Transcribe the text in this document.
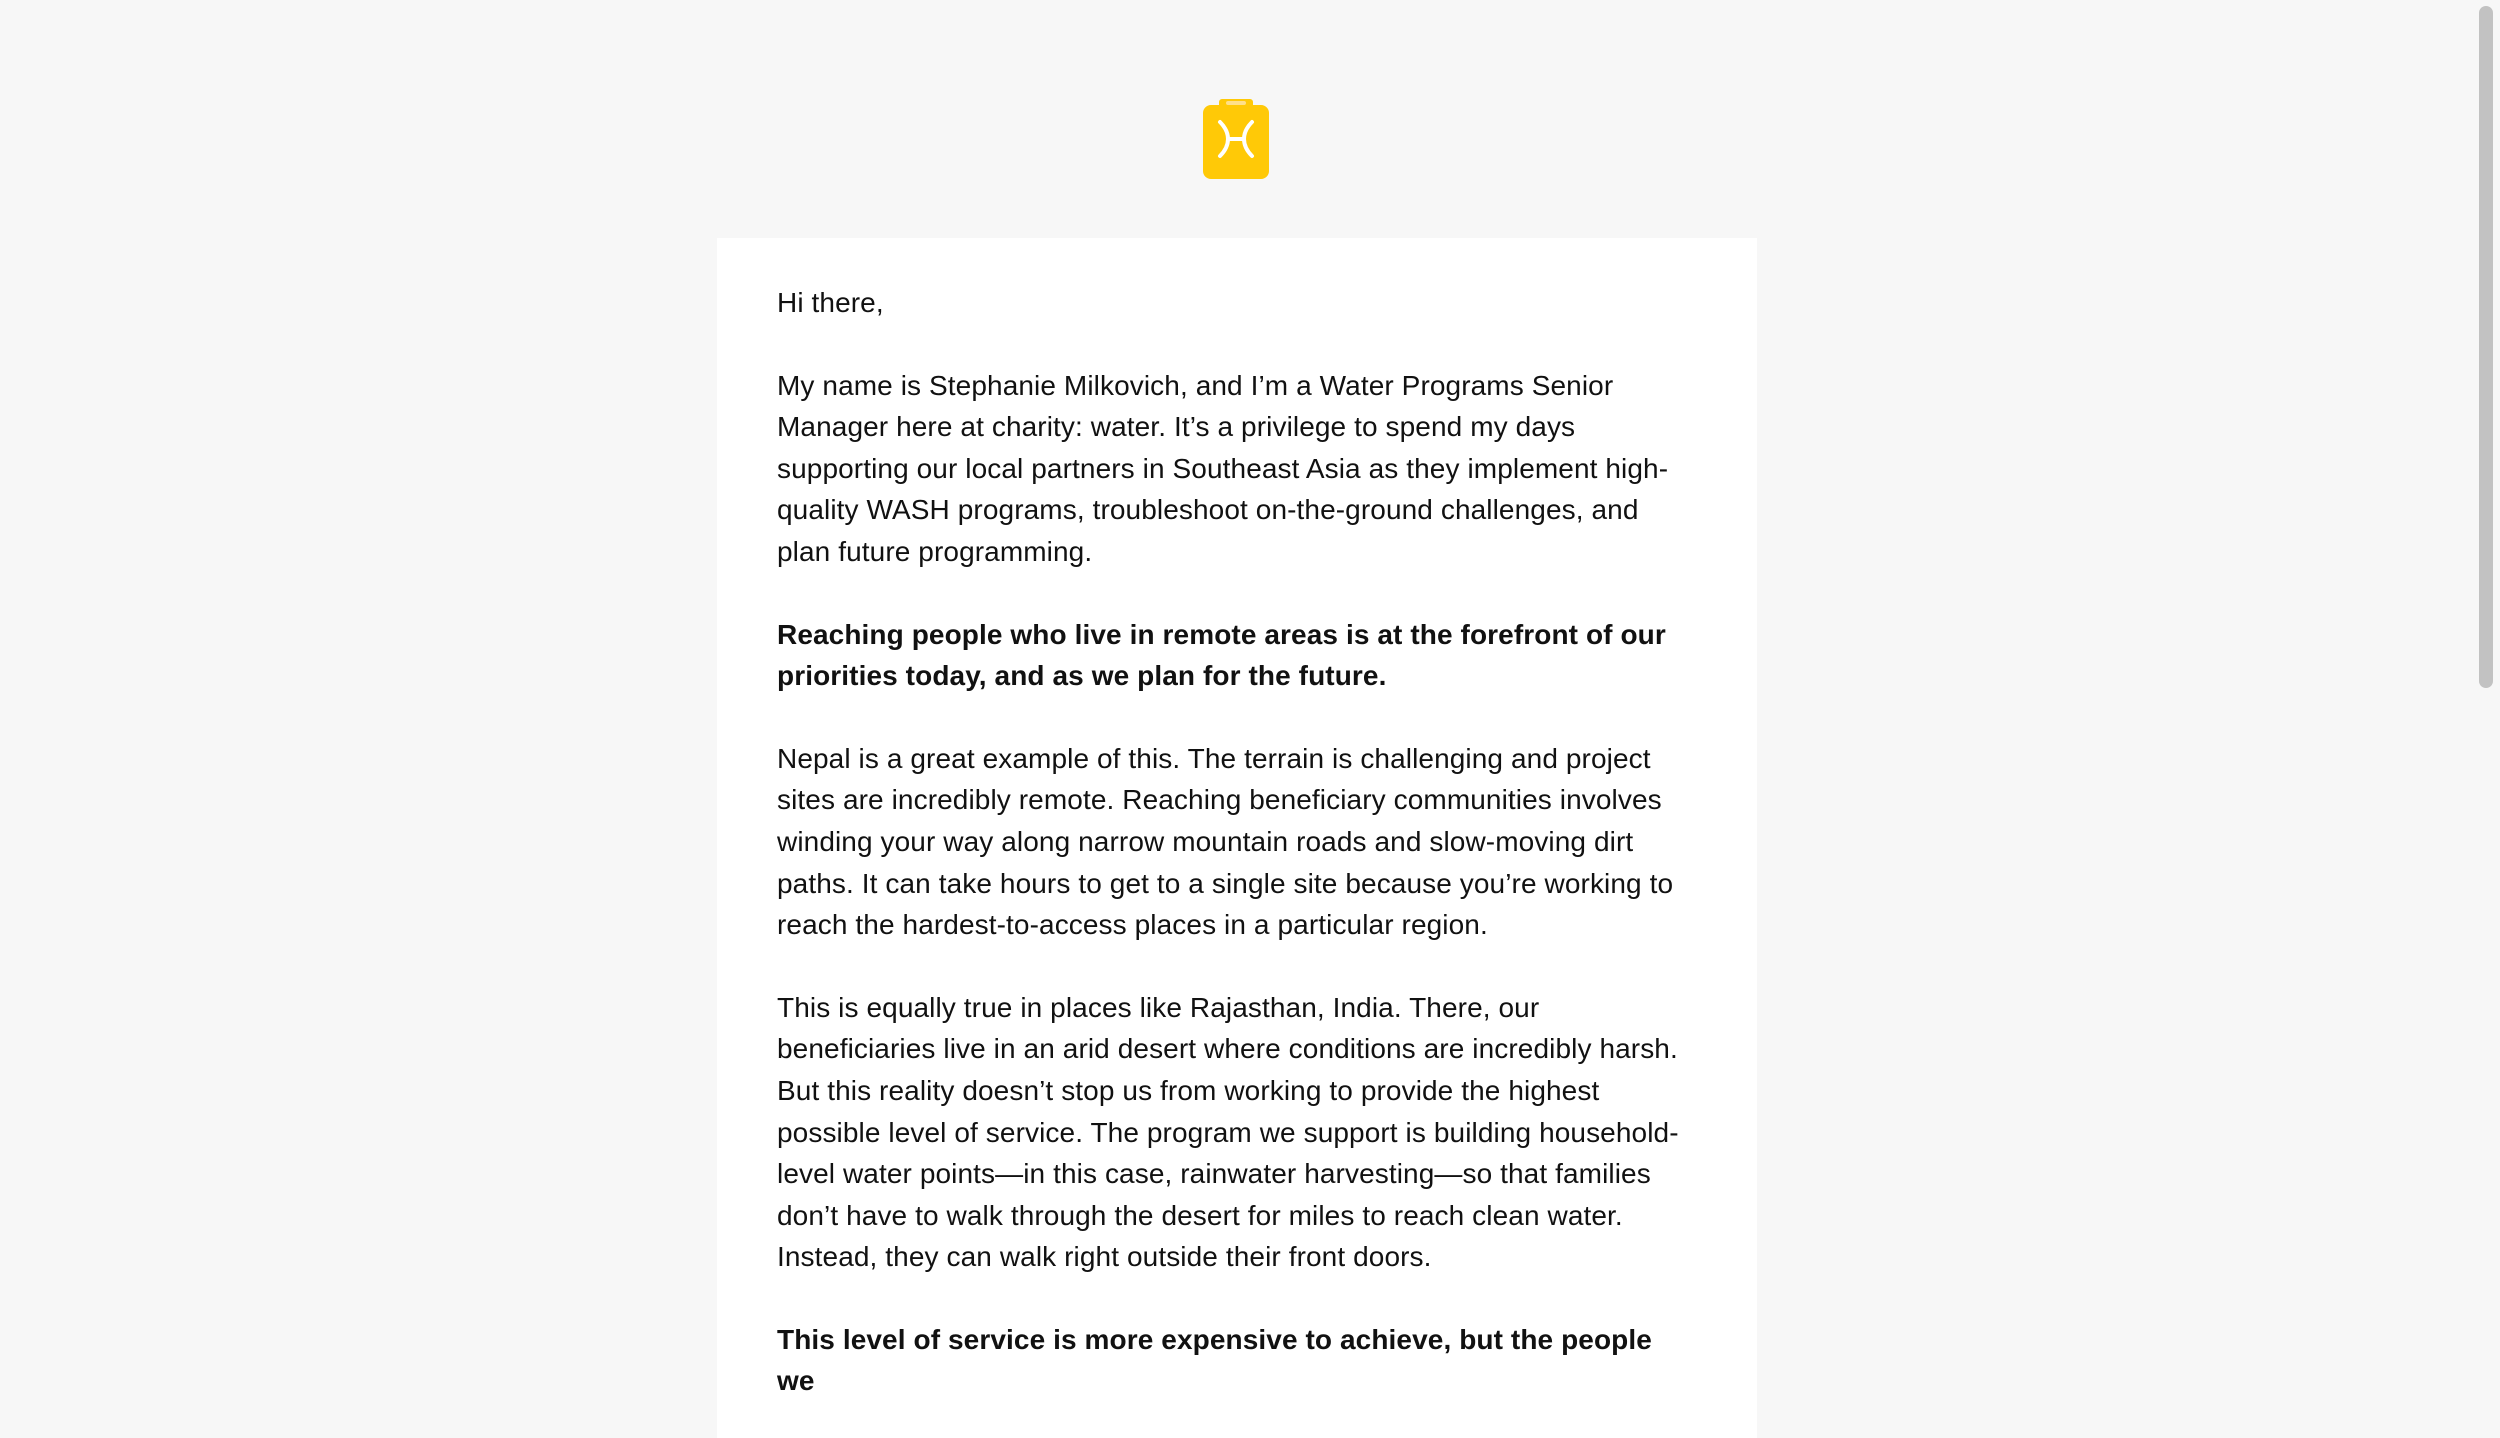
Hi there,

My name is Stephanie Milkovich, and I’m a Water Programs Senior Manager here at charity: water. It’s a privilege to spend my days supporting our local partners in Southeast Asia as they implement high-quality WASH programs, troubleshoot on-the-ground challenges, and plan future programming.

Reaching people who live in remote areas is at the forefront of our priorities today, and as we plan for the future.

Nepal is a great example of this. The terrain is challenging and project sites are incredibly remote. Reaching beneficiary communities involves winding your way along narrow mountain roads and slow-moving dirt paths. It can take hours to get to a single site because you’re working to reach the hardest-to-access places in a particular region.

This is equally true in places like Rajasthan, India. There, our beneficiaries live in an arid desert where conditions are incredibly harsh. But this reality doesn’t stop us from working to provide the highest possible level of service. The program we support is building household-level water points—in this case, rainwater harvesting—so that families don’t have to walk through the desert for miles to reach clean water. Instead, they can walk right outside their front doors.

This level of service is more expensive to achieve, but the people we
